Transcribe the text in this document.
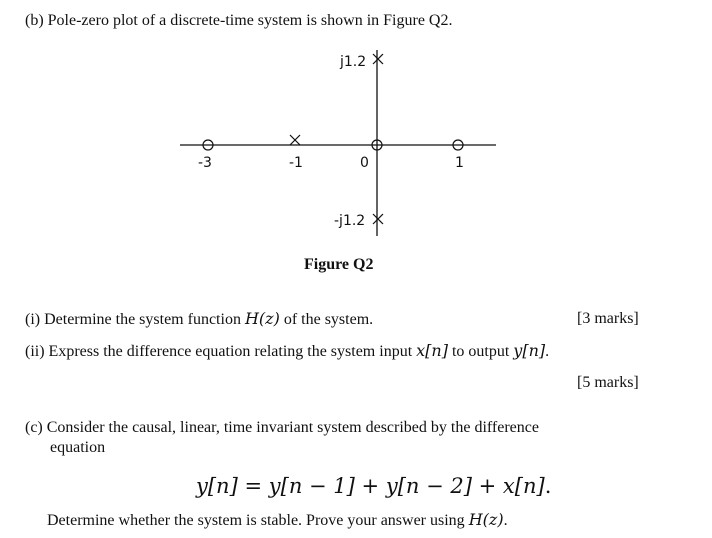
(b) Pole-zero plot of a discrete-time system is shown in Figure Q2.
j1.2
-j1.2
-3	-1	0	1
Figure Q2
(i) Determine the system function H(z) of the system.	[3 marks]
(ii) Express the difference equation relating the system input x[n] to output y[n].
[5 marks]
(c) Consider the causal, linear, time invariant system described by the difference
equation
y[n] = y[n − 1] + y[n − 2] + x[n].
Determine whether the system is stable. Prove your answer using H(z).
